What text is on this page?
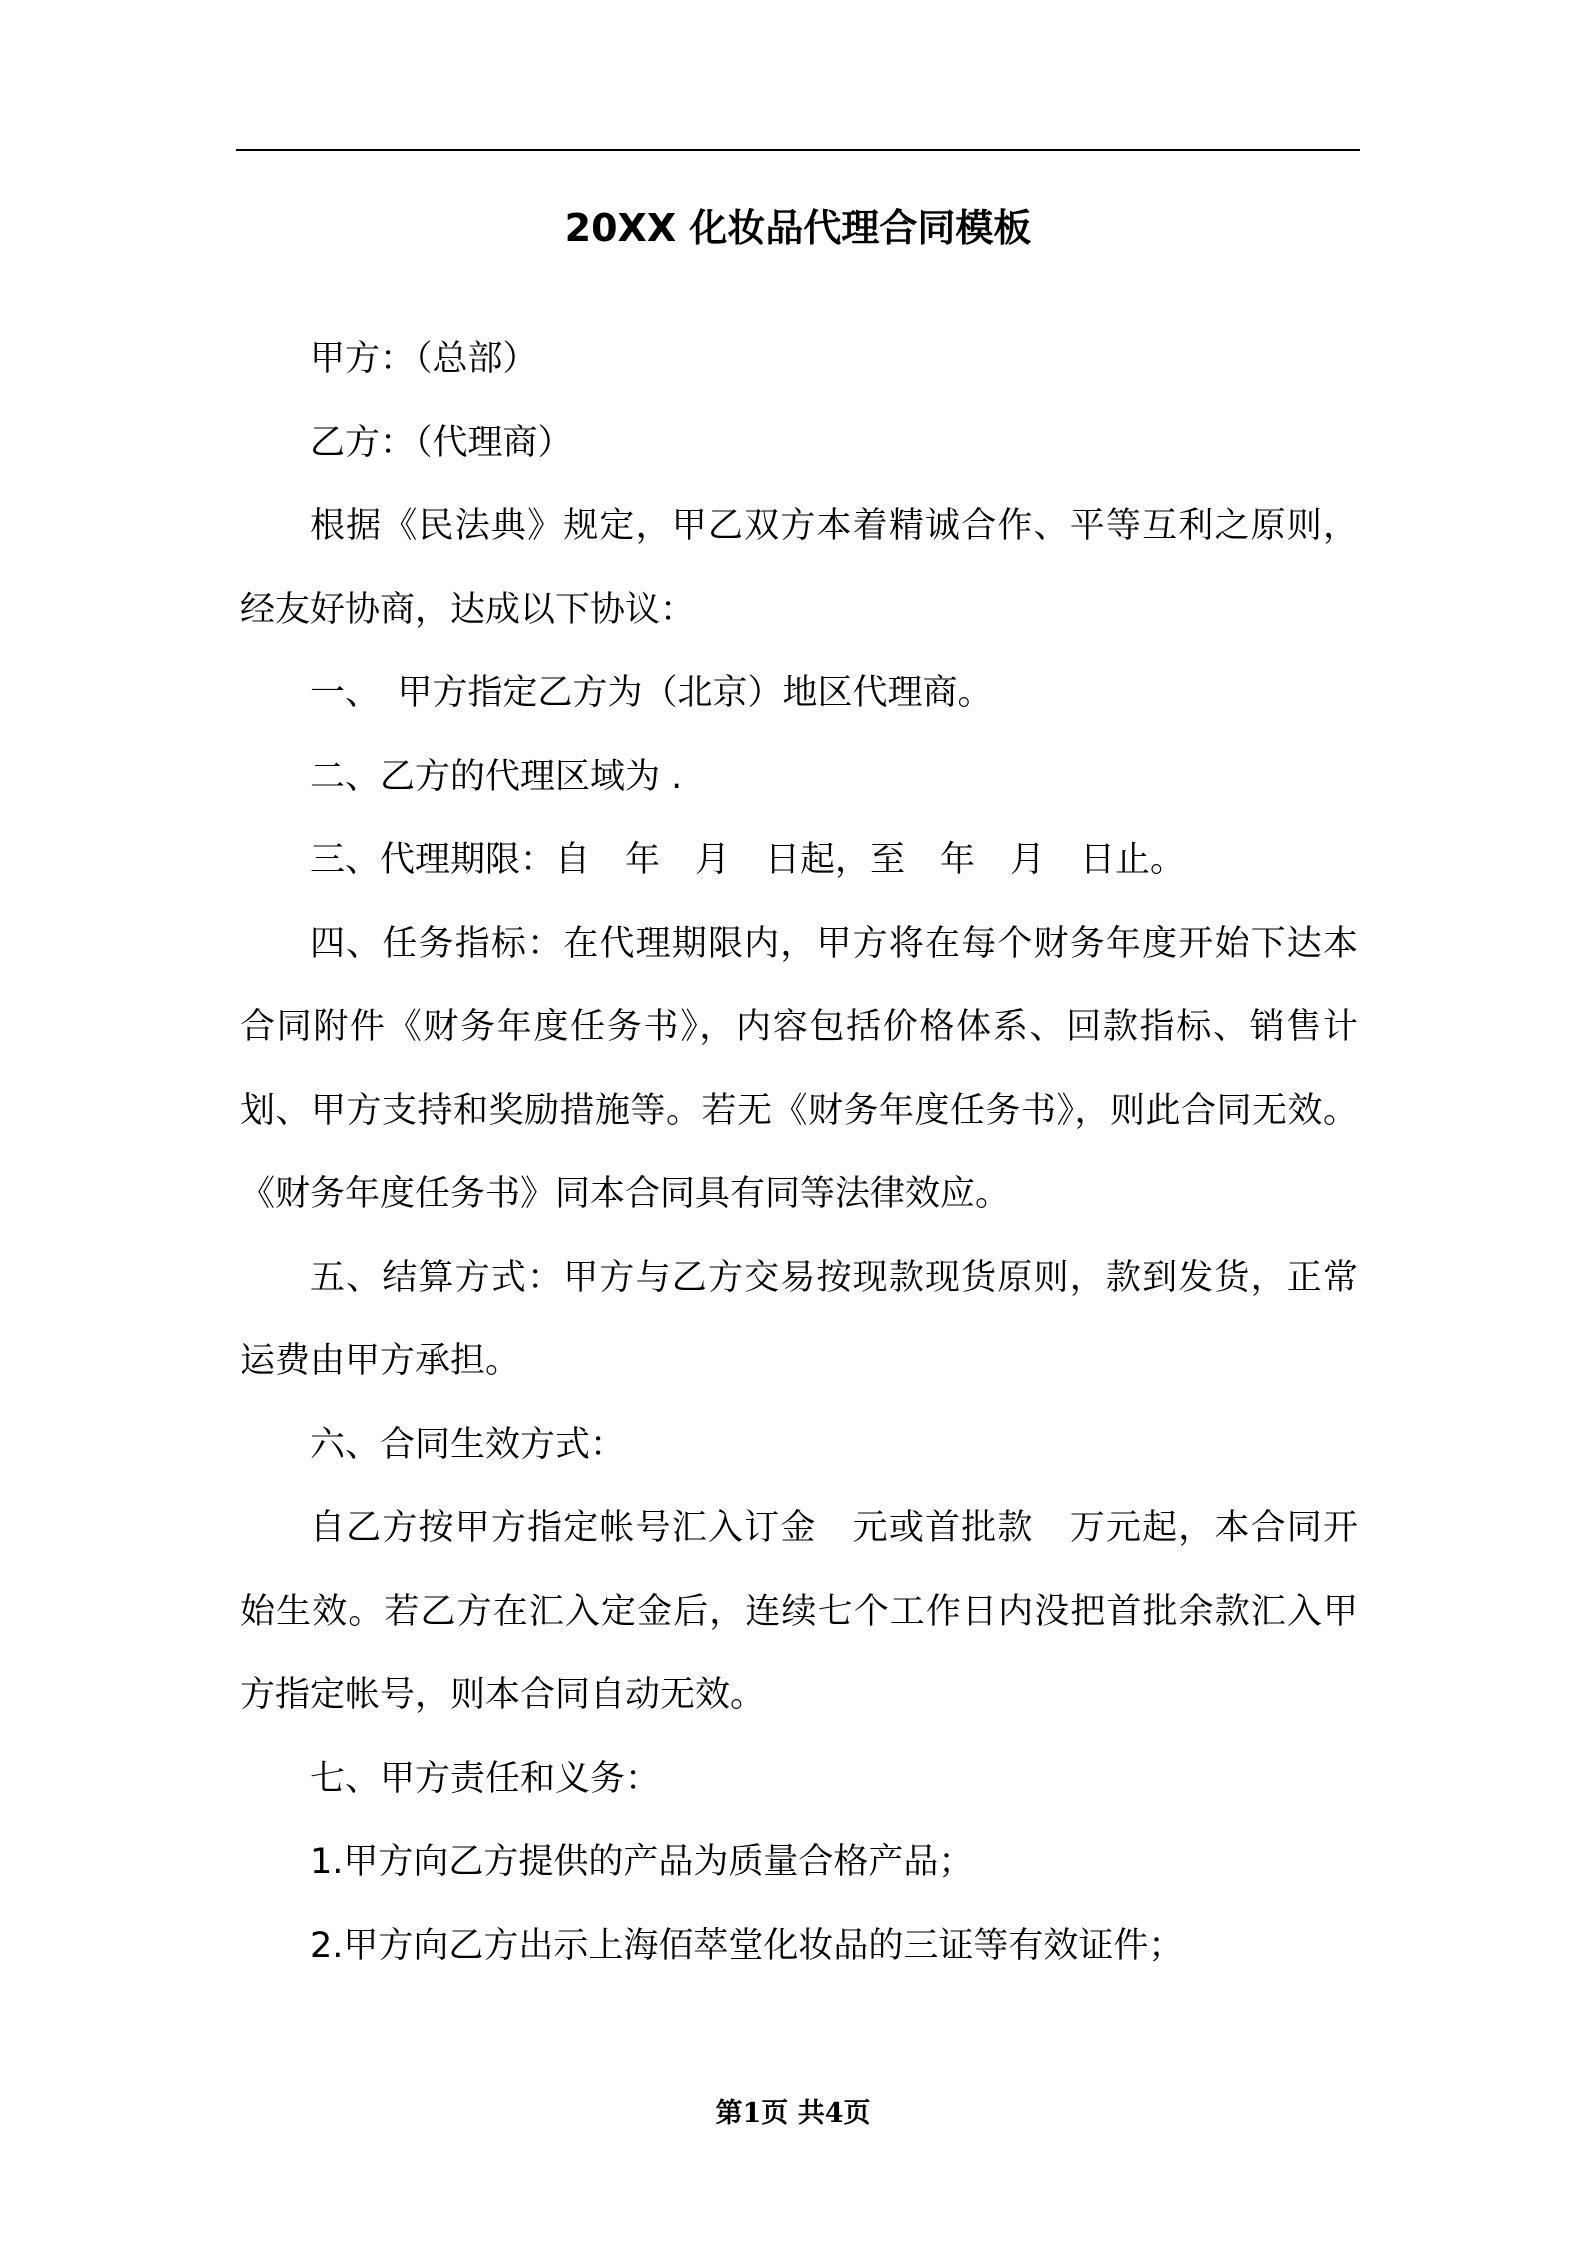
20XX 化妆品代理合同模板

甲方：（总部）

乙方：（代理商）

根据《民法典》规定，甲乙双方本着精诚合作、平等互利之原则，经友好协商，达成以下协议：

一、　甲方指定乙方为（北京）地区代理商。

二、乙方的代理区域为 .

三、代理期限：自　年　月　日起，至　年　月　日止。

四、任务指标：在代理期限内，甲方将在每个财务年度开始下达本合同附件《财务年度任务书》，内容包括价格体系、回款指标、销售计划、甲方支持和奖励措施等。若无《财务年度任务书》，则此合同无效。《财务年度任务书》同本合同具有同等法律效应。

五、结算方式：甲方与乙方交易按现款现货原则，款到发货，正常运费由甲方承担。

六、合同生效方式：

自乙方按甲方指定帐号汇入订金　元或首批款　万元起，本合同开始生效。若乙方在汇入定金后，连续七个工作日内没把首批余款汇入甲方指定帐号，则本合同自动无效。

七、甲方责任和义务：

1.甲方向乙方提供的产品为质量合格产品；

2.甲方向乙方出示上海佰萃堂化妆品的三证等有效证件；

第1页 共4页
